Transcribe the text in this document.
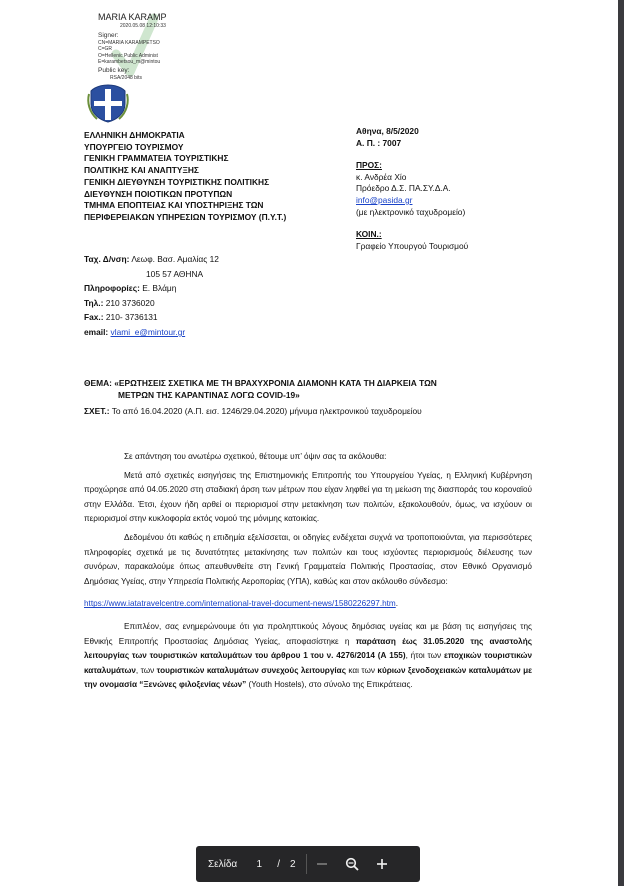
MARIA KARAMP
2020.05.08 12:10:33
Signer:
CN=MARIA KARAMPETSO
C=GR
O=Hellenic Public Administ
E=karambetsou_m@mintou
Public key:
RSA/2048 bits
ΕΛΛΗΝΙΚΗ ΔΗΜΟΚΡΑΤΙΑ
ΥΠΟΥΡΓΕΙΟ ΤΟΥΡΙΣΜΟΥ
ΓΕΝΙΚΗ ΓΡΑΜΜΑΤΕΙΑ ΤΟΥΡΙΣΤΙΚΗΣ
ΠΟΛΙΤΙΚΗΣ ΚΑΙ ΑΝΑΠΤΥΞΗΣ
ΓΕΝΙΚΗ ΔΙΕΥΘΥΝΣΗ ΤΟΥΡΙΣΤΙΚΗΣ ΠΟΛΙΤΙΚΗΣ
ΔΙΕΥΘΥΝΣΗ ΠΟΙΟΤΙΚΩΝ ΠΡΟΤΥΠΩΝ
ΤΜΗΜΑ ΕΠΟΠΤΕΙΑΣ ΚΑΙ ΥΠΟΣΤΗΡΙΞΗΣ ΤΩΝ
ΠΕΡΙΦΕΡΕΙΑΚΩΝ ΥΠΗΡΕΣΙΩΝ ΤΟΥΡΙΣΜΟΥ (Π.Υ.Τ.)
Αθηνα, 8/5/2020
Α. Π. : 7007
ΠΡΟΣ:
κ. Ανδρέα Χίο
Πρόεδρο Δ.Σ. ΠΑ.ΣΥ.Δ.Α.
info@pasida.gr
(με ηλεκτρονικό ταχυδρομείο)
ΚΟΙΝ.:
Γραφείο Υπουργού Τουρισμού
Ταχ. Δ/νση: Λεωφ. Βασ. Αμαλίας 12
105 57 ΑΘΗΝΑ
Πληροφορίες: Ε. Βλάμη
Τηλ.: 210 3736020
Fax.: 210- 3736131
email: vlami_e@mintour.gr
ΘΕΜΑ: «ΕΡΩΤΗΣΕΙΣ ΣΧΕΤΙΚΑ ΜΕ ΤΗ ΒΡΑΧΥΧΡΟΝΙΑ ΔΙΑΜΟΝΗ ΚΑΤΑ ΤΗ ΔΙΑΡΚΕΙΑ ΤΩΝ
ΜΕΤΡΩΝ ΤΗΣ ΚΑΡΑΝΤΙΝΑΣ ΛΟΓΩ COVID-19»
ΣΧΕΤ.: Το από 16.04.2020 (Α.Π. εισ. 1246/29.04.2020) μήνυμα ηλεκτρονικού ταχυδρομείου

Σε απάντηση του ανωτέρω σχετικού, θέτουμε υπ’ όψιν σας τα ακόλουθα:

Μετά από σχετικές εισηγήσεις της Επιστημονικής Επιτροπής του Υπουργείου Υγείας, η Ελληνική Κυβέρνηση προχώρησε από 04.05.2020 στη σταδιακή άρση των μέτρων που είχαν ληφθεί για τη μείωση της διασποράς του κοροναϊού στην Ελλάδα. Έτσι, έχουν ήδη αρθεί οι περιορισμοί στην μετακίνηση των πολιτών, εξακολουθούν, όμως, να ισχύουν οι περιορισμοί στην κυκλοφορία εκτός νομού της μόνιμης κατοικίας.

Δεδομένου ότι καθώς η επιδημία εξελίσσεται, οι οδηγίες ενδέχεται συχνά να τροποποιούνται, για περισσότερες πληροφορίες σχετικά με τις δυνατότητες μετακίνησης των πολιτών και τους ισχύοντες περιορισμούς διέλευσης των συνόρων, παρακαλούμε όπως απευθυνθείτε στη Γενική Γραμματεία Πολιτικής Προστασίας, στον Εθνικό Οργανισμό Δημόσιας Υγείας, στην Υπηρεσία Πολιτικής Αεροπορίας (ΥΠΑ), καθώς και στον ακόλουθο σύνδεσμο:

https://www.iatatravelcentre.com/international-travel-document-news/1580226297.htm.

Επιπλέον, σας ενημερώνουμε ότι για προληπτικούς λόγους δημόσιας υγείας και με βάση τις εισηγήσεις της Εθνικής Επιτροπής Προστασίας Δημόσιας Υγείας, αποφασίστηκε η παράταση έως 31.05.2020 της αναστολής λειτουργίας των τουριστικών καταλυμάτων του άρθρου 1 του ν. 4276/2014 (Α 155), ήτοι των εποχικών τουριστικών καταλυμάτων, των τουριστικών καταλυμάτων συνεχούς λειτουργίας και των κύριων ξενοδοχειακών καταλυμάτων με την ονομασία “Ξενώνες φιλοξενίας νέων” (Youth Hostels), στο σύνολο της Επικράτειας.

Σελίδα	1	/ 2
